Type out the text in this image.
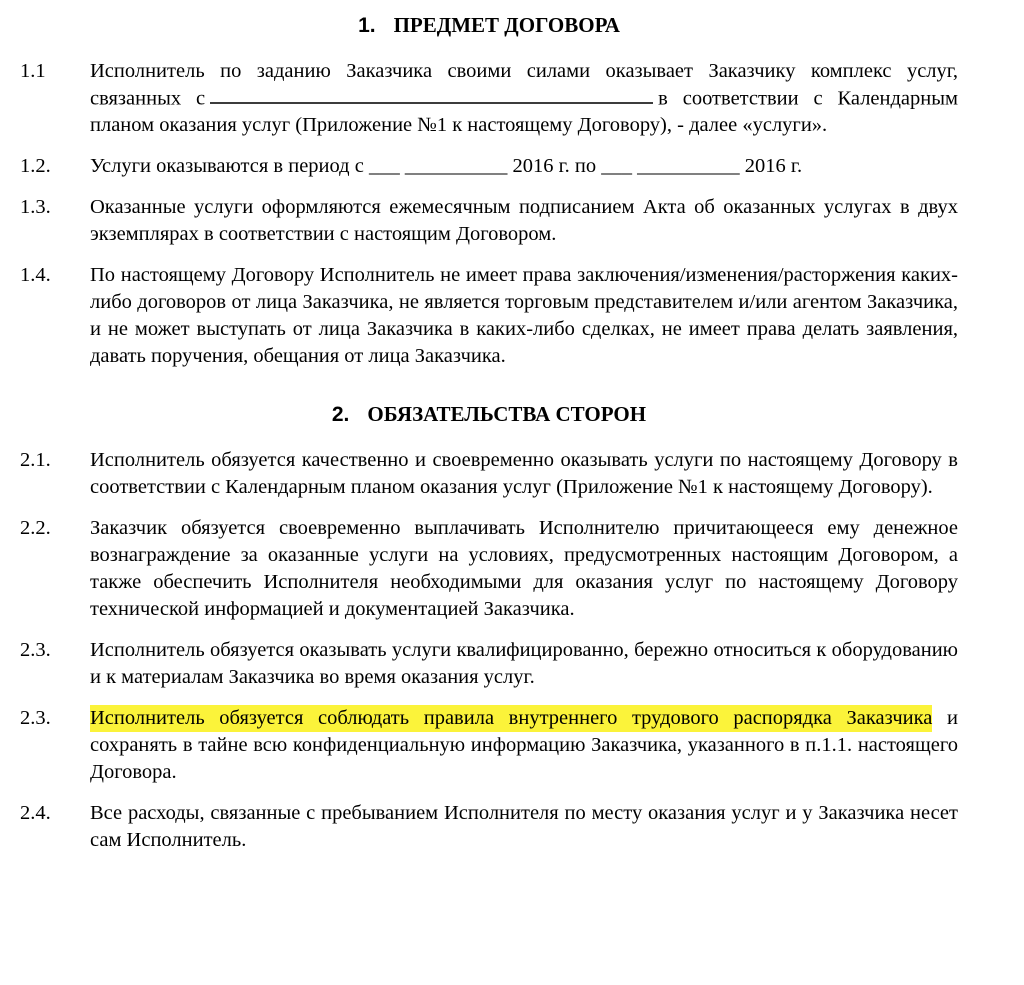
1. ПРЕДМЕТ ДОГОВОРА
1.1	Исполнитель по заданию Заказчика своими силами оказывает Заказчику комплекс услуг, связанных с	в соответствии с Календарным планом оказания услуг (Приложение №1 к настоящему Договору), - далее «услуги».
1.2.	Услуги оказываются в период с ___ __________ 2016 г. по ___ __________ 2016 г.
1.3.	Оказанные услуги оформляются ежемесячным подписанием Акта об оказанных услугах в двух экземплярах в соответствии с настоящим Договором.
1.4.	По настоящему Договору Исполнитель не имеет права заключения/изменения/расторжения каких-либо договоров от лица Заказчика, не является торговым представителем и/или агентом Заказчика, и не может выступать от лица Заказчика в каких-либо сделках, не имеет права делать заявления, давать поручения, обещания от лица Заказчика.
2. ОБЯЗАТЕЛЬСТВА СТОРОН
2.1.	Исполнитель обязуется качественно и своевременно оказывать услуги по настоящему Договору в соответствии с Календарным планом оказания услуг (Приложение №1 к настоящему Договору).
2.2.	Заказчик обязуется своевременно выплачивать Исполнителю причитающееся ему денежное вознаграждение за оказанные услуги на условиях, предусмотренных настоящим Договором, а также обеспечить Исполнителя необходимыми для оказания услуг по настоящему Договору технической информацией и документацией Заказчика.
2.3.	Исполнитель обязуется оказывать услуги квалифицированно, бережно относиться к оборудованию и к материалам Заказчика во время оказания услуг.
2.3.	Исполнитель обязуется соблюдать правила внутреннего трудового распорядка Заказчика и сохранять в тайне всю конфиденциальную информацию Заказчика, указанного в п.1.1. настоящего Договора.
2.4.	Все расходы, связанные с пребыванием Исполнителя по месту оказания услуг и у Заказчика несет сам Исполнитель.
